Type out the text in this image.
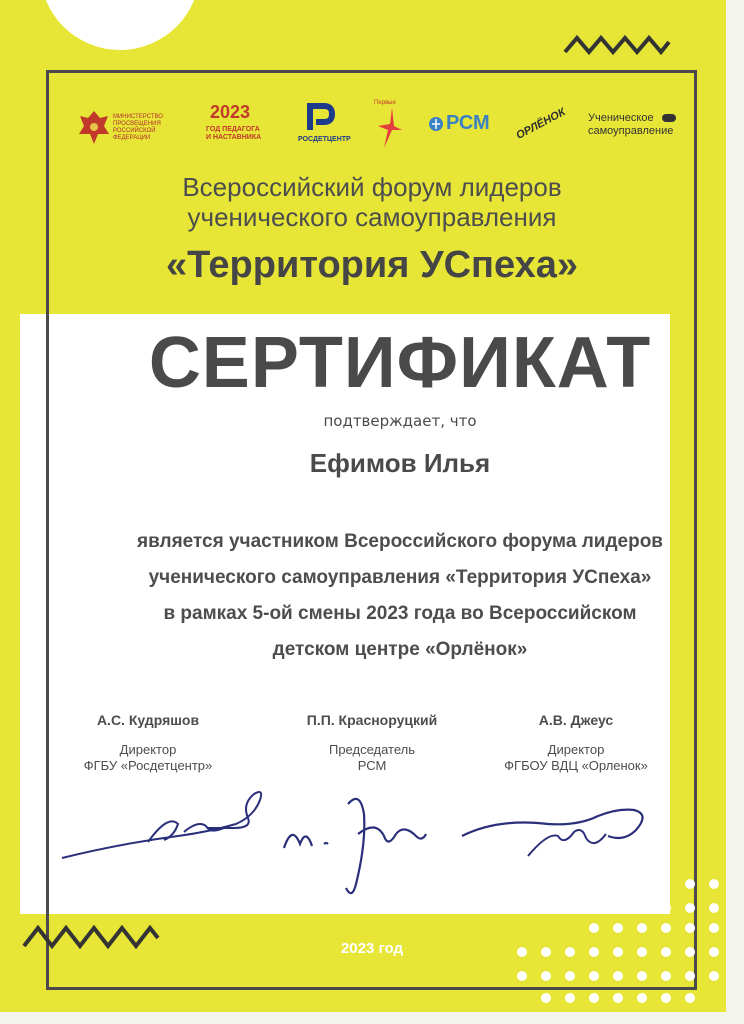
МИНИСТЕРСТВО ПРОСВЕЩЕНИЯ РОССИЙСКОЙ ФЕДЕРАЦИИ
2023
ГОД ПЕДАГОГА
И НАСТАВНИКА	РОСДЕТЦЕНТР
Первые
РСМ ОРЛЁНОК Ученическое
самоуправление
Всероссийский форум лидеров
ученического самоуправления
«Территория УСпеха»
СЕРТИФИКАТ
подтверждает, что
Ефимов Илья
является участником Всероссийского форума лидеров
ученического самоуправления «Территория УСпеха»
в рамках 5-ой смены 2023 года во Всероссийском
детском центре «Орлёнок»
А.С. Кудряшов
Директор
ФГБУ «Росдетцентр»
П.П. Красноруцкий
Председатель
РСМ
А.В. Джеус
Директор
ФГБОУ ВДЦ «Орленок»
2023 год
